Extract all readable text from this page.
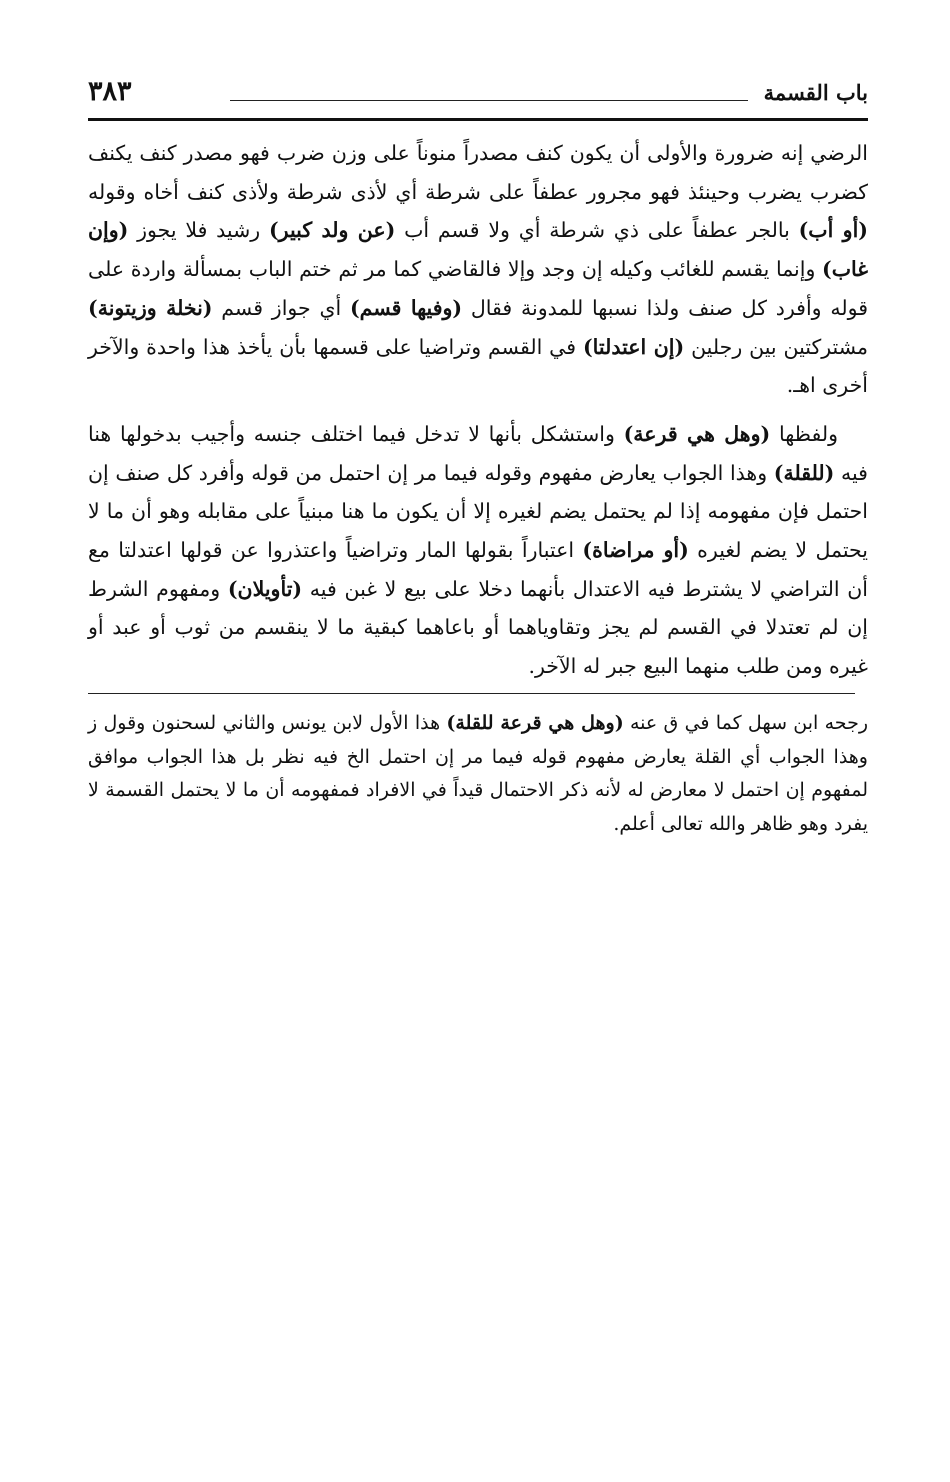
باب القسمة
٣٨٣

الرضي إنه ضرورة والأولى أن يكون كنف مصدراً منوناً على وزن ضرب فهو مصدر كنف يكنف كضرب يضرب وحينئذ فهو مجرور عطفاً على شرطة أي لأذى شرطة ولأذى كنف أخاه وقوله (أو أب) بالجر عطفاً على ذي شرطة أي ولا قسم أب (عن ولد كبير) رشيد فلا يجوز (وإن غاب) وإنما يقسم للغائب وكيله إن وجد وإلا فالقاضي كما مر ثم ختم الباب بمسألة واردة على قوله وأفرد كل صنف ولذا نسبها للمدونة فقال (وفيها قسم) أي جواز قسم (نخلة وزيتونة) مشتركتين بين رجلين (إن اعتدلتا) في القسم وتراضيا على قسمها بأن يأخذ هذا واحدة والآخر أخرى اهـ.

ولفظها (وهل هي قرعة) واستشكل بأنها لا تدخل فيما اختلف جنسه وأجيب بدخولها هنا فيه (للقلة) وهذا الجواب يعارض مفهوم وقوله فيما مر إن احتمل من قوله وأفرد كل صنف إن احتمل فإن مفهومه إذا لم يحتمل يضم لغيره إلا أن يكون ما هنا مبنياً على مقابله وهو أن ما لا يحتمل لا يضم لغيره (أو مراضاة) اعتباراً بقولها المار وتراضياً واعتذروا عن قولها اعتدلتا مع أن التراضي لا يشترط فيه الاعتدال بأنهما دخلا على بيع لا غبن فيه (تأويلان) ومفهوم الشرط إن لم تعتدلا في القسم لم يجز وتقاوياهما أو باعاهما كبقية ما لا ينقسم من ثوب أو عبد أو غيره ومن طلب منهما البيع جبر له الآخر.

رجحه ابن سهل كما في ق عنه (وهل هي قرعة للقلة) هذا الأول لابن يونس والثاني لسحنون وقول ز وهذا الجواب أي القلة يعارض مفهوم قوله فيما مر إن احتمل الخ فيه نظر بل هذا الجواب موافق لمفهوم إن احتمل لا معارض له لأنه ذكر الاحتمال قيداً في الافراد فمفهومه أن ما لا يحتمل القسمة لا يفرد وهو ظاهر والله تعالى أعلم.
